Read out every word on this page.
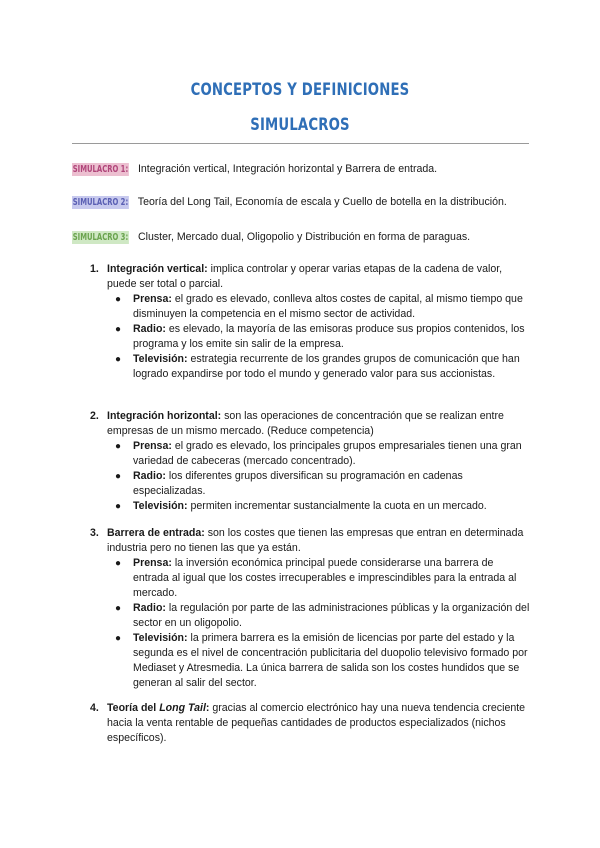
CONCEPTOS Y DEFINICIONES
SIMULACROS
SIMULACRO 1: Integración vertical, Integración horizontal y Barrera de entrada.
SIMULACRO 2: Teoría del Long Tail, Economía de escala y Cuello de botella en la distribución.
SIMULACRO 3: Cluster, Mercado dual, Oligopolio y Distribución en forma de paraguas.
1. Integración vertical: implica controlar y operar varias etapas de la cadena de valor, puede ser total o parcial.
● Prensa: el grado es elevado, conlleva altos costes de capital, al mismo tiempo que disminuyen la competencia en el mismo sector de actividad.
● Radio: es elevado, la mayoría de las emisoras produce sus propios contenidos, los programa y los emite sin salir de la empresa.
● Televisión: estrategia recurrente de los grandes grupos de comunicación que han logrado expandirse por todo el mundo y generado valor para sus accionistas.
2. Integración horizontal: son las operaciones de concentración que se realizan entre empresas de un mismo mercado. (Reduce competencia)
● Prensa: el grado es elevado, los principales grupos empresariales tienen una gran variedad de cabeceras (mercado concentrado).
● Radio: los diferentes grupos diversifican su programación en cadenas especializadas.
● Televisión: permiten incrementar sustancialmente la cuota en un mercado.
3. Barrera de entrada: son los costes que tienen las empresas que entran en determinada industria pero no tienen las que ya están.
● Prensa: la inversión económica principal puede considerarse una barrera de entrada al igual que los costes irrecuperables e imprescindibles para la entrada al mercado.
● Radio: la regulación por parte de las administraciones públicas y la organización del sector en un oligopolio.
● Televisión: la primera barrera es la emisión de licencias por parte del estado y la segunda es el nivel de concentración publicitaria del duopolio televisivo formado por Mediaset y Atresmedia. La única barrera de salida son los costes hundidos que se generan al salir del sector.
4. Teoría del Long Tail: gracias al comercio electrónico hay una nueva tendencia creciente hacia la venta rentable de pequeñas cantidades de productos especializados (nichos específicos).
